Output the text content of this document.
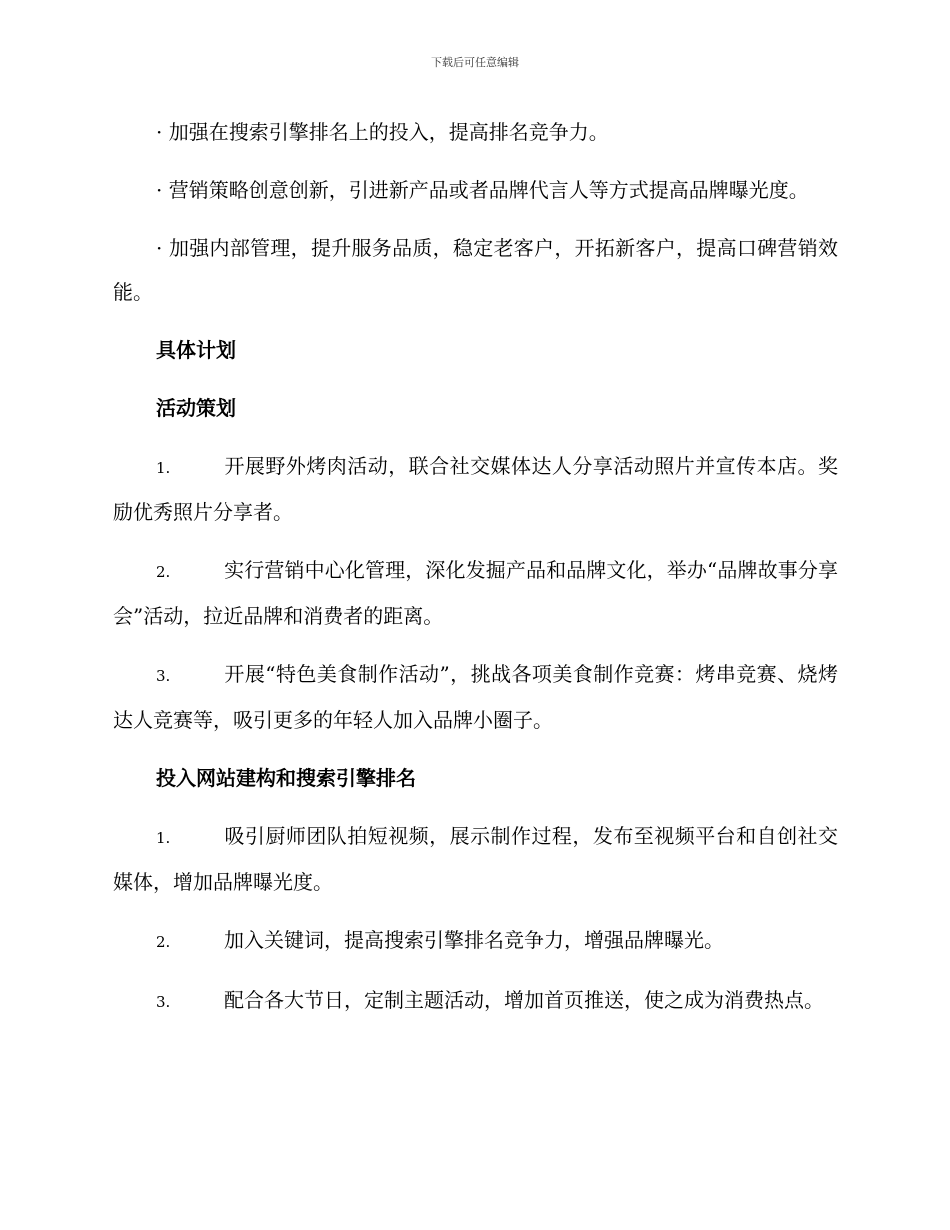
下载后可任意编辑

· 加强在搜索引擎排名上的投入，提高排名竞争力。

· 营销策略创意创新，引进新产品或者品牌代言人等方式提高品牌曝光度。

· 加强内部管理，提升服务品质，稳定老客户，开拓新客户，提高口碑营销效能。

具体计划
活动策划

1.	开展野外烤肉活动，联合社交媒体达人分享活动照片并宣传本店。奖励优秀照片分享者。

2.	实行营销中心化管理，深化发掘产品和品牌文化，举办“品牌故事分享会”活动，拉近品牌和消费者的距离。

3.	开展“特色美食制作活动”，挑战各项美食制作竞赛：烤串竞赛、烧烤达人竞赛等，吸引更多的年轻人加入品牌小圈子。

投入网站建构和搜索引擎排名

1.	吸引厨师团队拍短视频，展示制作过程，发布至视频平台和自创社交媒体，增加品牌曝光度。

2.	加入关键词，提高搜索引擎排名竞争力，增强品牌曝光。

3.	配合各大节日，定制主题活动，增加首页推送，使之成为消费热点。
